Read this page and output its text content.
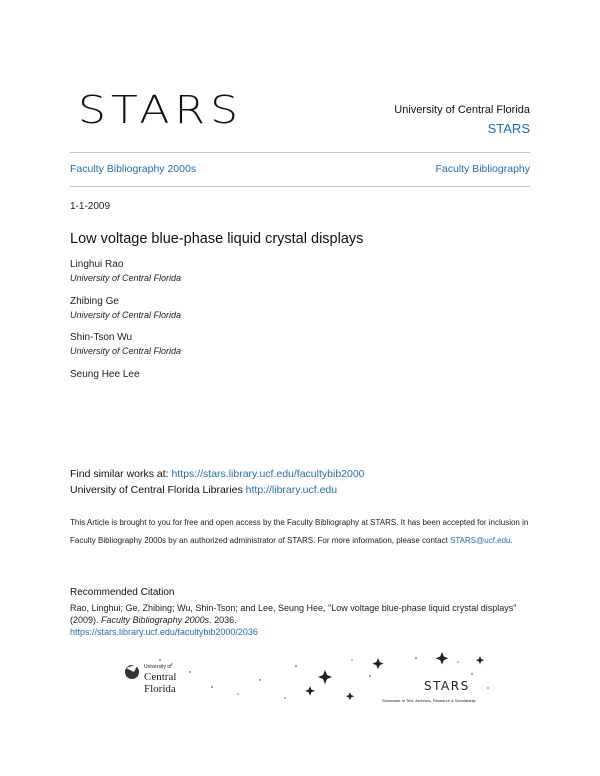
STARS	University of Central Florida
STARS
Faculty Bibliography 2000s	Faculty Bibliography
1-1-2009
Low voltage blue-phase liquid crystal displays
Linghui Rao
University of Central Florida
Zhibing Ge
University of Central Florida
Shin-Tson Wu
University of Central Florida
Seung Hee Lee
Find similar works at: https://stars.library.ucf.edu/facultybib2000
University of Central Florida Libraries http://library.ucf.edu
This Article is brought to you for free and open access by the Faculty Bibliography at STARS. It has been accepted for inclusion in Faculty Bibliography 2000s by an authorized administrator of STARS. For more information, please contact STARS@ucf.edu.
Recommended Citation
Rao, Linghui; Ge, Zhibing; Wu, Shin-Tson; and Lee, Seung Hee, "Low voltage blue-phase liquid crystal displays" (2009). Faculty Bibliography 2000s. 2036.
https://stars.library.ucf.edu/facultybib2000/2036
University of
Central
Florida	STARS
Showcase of Text, Archives, Research & Scholarship
